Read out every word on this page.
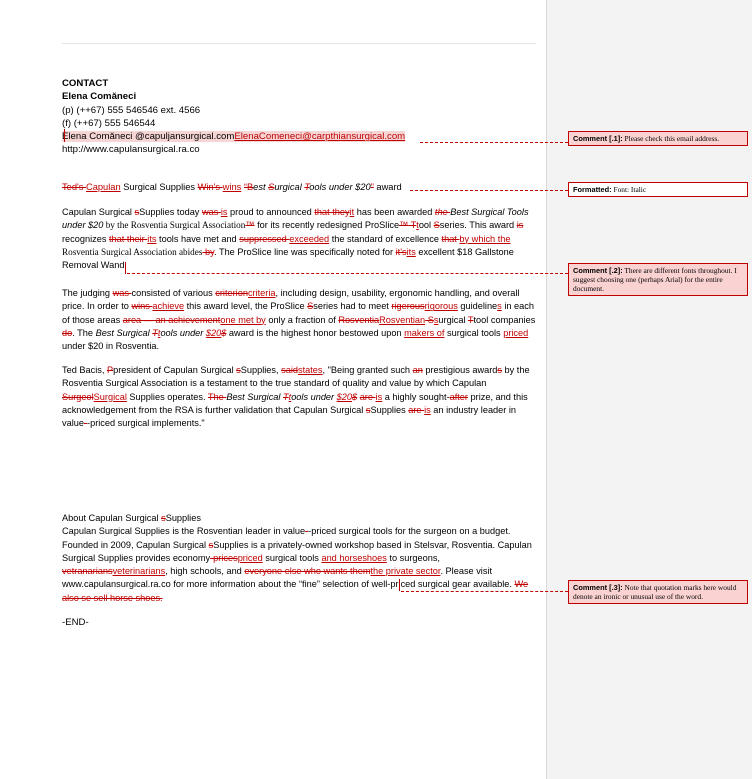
CONTACT
Elena Comăneci
(p) (++67) 555 546546 ext. 4566
(f) (++67) 555 546544
Elena Comăneci @capuljansurgical.comElenaComeneci@carpthiansurgical.com
http://www.capulansurgical.ra.co
Ted's Capulan Surgical Supplies Win's wins “Best Surgical Tools under $20” award
Capulan Surgical sSupplies today was is proud to announced that theyit has been awarded the Best Surgical Tools under $20 by the Rosventia Surgical Association™ for its recently redesigned ProSlice™ Ttool Sseries. This award is recognizes that their its tools have met and suppressed exceeded the standard of excellence that by which the Rosventia Surgical Association abides by. The ProSlice line was specifically noted for it'sits excellent $18 Gallstone Removal Wand
The judging was consisted of various criterioncriteria, including design, usability, ergonomic handling, and overall price. In order to wins achieve this award level, the ProSlice Sseries had to meet rigerousrigorous guidelines in each of those areas area — an achievementone met by only a fraction of RosventiaRosventian Ssurgical Ttool companies do. The Best Surgical Ttools under $20$ award is the highest honor bestowed upon makers of surgical tools priced under $20 in Rosventia.
Ted Bacis, Ppresident of Capulan Surgical sSupplies, saidstates, "Being granted such an prestigious awards by the Rosventia Surgical Association is a testament to the true standard of quality and value by which Capulan SurgeolSurgical Supplies operates. The Best Surgical Ttools under $20$ are is a highly sought-after prize, and this acknowledgement from the RSA is further validation that Capulan Surgical sSupplies are is an industry leader in value--priced surgical implements."
About Capulan Surgical sSupplies
Capulan Surgical Supplies is the Rosventian leader in value--priced surgical tools for the surgeon on a budget. Founded in 2009, Capulan Surgical sSupplies is a privately-owned workshop based in Stelsvar, Rosventia. Capulan Surgical Supplies provides economy-pricespriced surgical tools and horseshoes to surgeons, vetranariansveterinarians, high schools, and everyone else who wants themthe private sector. Please visit www.capulansurgical.ra.co for more information about the “fine” selection of well-priced surgical gear available. We also se sell horse shoes.
-END-
Comment [.1]: Please check this email address.
Formatted: Font: Italic
Comment [.2]: There are different fonts throughout. I suggest choosing one (perhaps Arial) for the entire document.
Comment [.3]: Note that quotation marks here would denote an ironic or unusual use of the word.
